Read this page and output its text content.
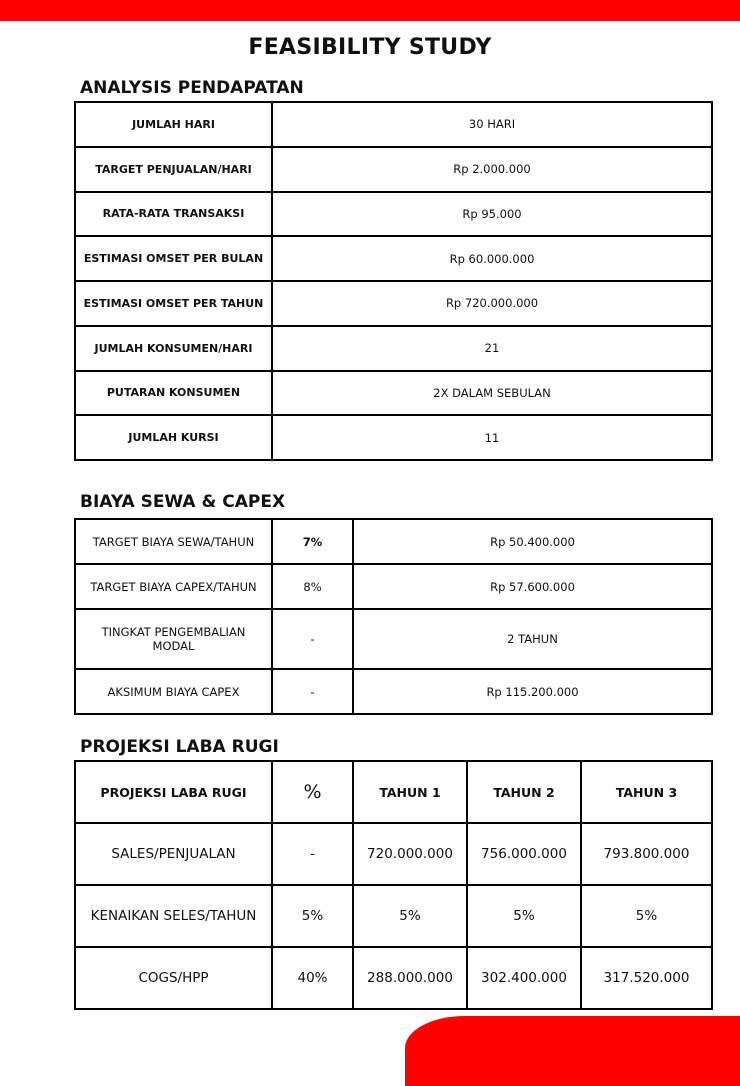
FEASIBILITY STUDY
ANALYSIS PENDAPATAN
JUMLAH HARI	30 HARI
TARGET PENJUALAN/HARI	Rp 2.000.000
RATA-RATA TRANSAKSI	Rp 95.000
ESTIMASI OMSET PER BULAN	Rp 60.000.000
ESTIMASI OMSET PER TAHUN	Rp 720.000.000
JUMLAH KONSUMEN/HARI	21
PUTARAN KONSUMEN	2X DALAM SEBULAN
JUMLAH KURSI	11
BIAYA SEWA & CAPEX
TARGET BIAYA SEWA/TAHUN	7%	Rp 50.400.000
TARGET BIAYA CAPEX/TAHUN	8%	Rp 57.600.000
TINGKAT PENGEMBALIAN MODAL	-	2 TAHUN
AKSIMUM BIAYA CAPEX	-	Rp 115.200.000
PROJEKSI LABA RUGI
PROJEKSI LABA RUGI	%	TAHUN 1	TAHUN 2	TAHUN 3
SALES/PENJUALAN	-	720.000.000	756.000.000	793.800.000
KENAIKAN SELES/TAHUN	5%	5%	5%	5%
COGS/HPP	40%	288.000.000	302.400.000	317.520.000
